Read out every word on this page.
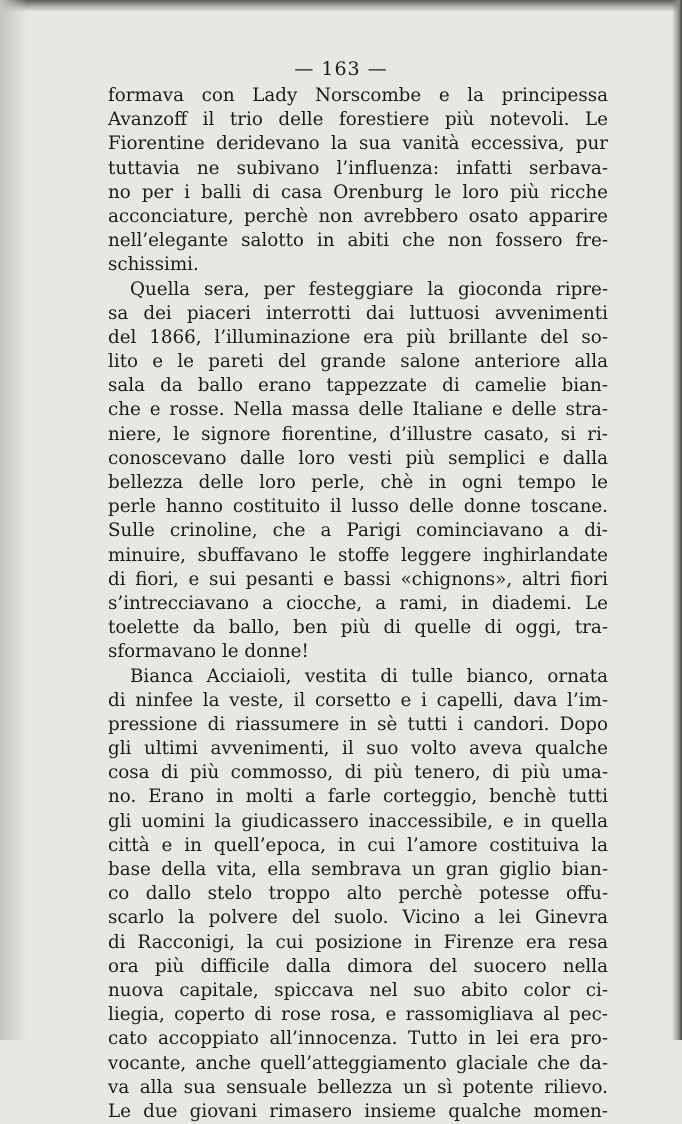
— 163 —
formava con Lady Norscombe e la principessa
Avanzoff il trio delle forestiere più notevoli. Le
Fiorentine deridevano la sua vanità eccessiva, pur
tuttavia ne subivano l’influenza: infatti serbava-
no per i balli di casa Orenburg le loro più ricche
acconciature, perchè non avrebbero osato apparire
nell’elegante salotto in abiti che non fossero fre-
schissimi.
Quella sera, per festeggiare la gioconda ripre-
sa dei piaceri interrotti dai luttuosi avvenimenti
del 1866, l’illuminazione era più brillante del so-
lito e le pareti del grande salone anteriore alla
sala da ballo erano tappezzate di camelie bian-
che e rosse. Nella massa delle Italiane e delle stra-
niere, le signore fiorentine, d’illustre casato, si ri-
conoscevano dalle loro vesti più semplici e dalla
bellezza delle loro perle, chè in ogni tempo le
perle hanno costituito il lusso delle donne toscane.
Sulle crinoline, che a Parigi cominciavano a di-
minuire, sbuffavano le stoffe leggere inghirlandate
di fiori, e sui pesanti e bassi «chignons», altri fiori
s’intrecciavano a ciocche, a rami, in diademi. Le
toelette da ballo, ben più di quelle di oggi, tra-
sformavano le donne!
Bianca Acciaioli, vestita di tulle bianco, ornata
di ninfee la veste, il corsetto e i capelli, dava l’im-
pressione di riassumere in sè tutti i candori. Dopo
gli ultimi avvenimenti, il suo volto aveva qualche
cosa di più commosso, di più tenero, di più uma-
no. Erano in molti a farle corteggio, benchè tutti
gli uomini la giudicassero inaccessibile, e in quella
città e in quell’epoca, in cui l’amore costituiva la
base della vita, ella sembrava un gran giglio bian-
co dallo stelo troppo alto perchè potesse offu-
scarlo la polvere del suolo. Vicino a lei Ginevra
di Racconigi, la cui posizione in Firenze era resa
ora più difficile dalla dimora del suocero nella
nuova capitale, spiccava nel suo abito color ci-
liegia, coperto di rose rosa, e rassomigliava al pec-
cato accoppiato all’innocenza. Tutto in lei era pro-
vocante, anche quell’atteggiamento glaciale che da-
va alla sua sensuale bellezza un sì potente rilievo.
Le due giovani rimasero insieme qualche momen-
